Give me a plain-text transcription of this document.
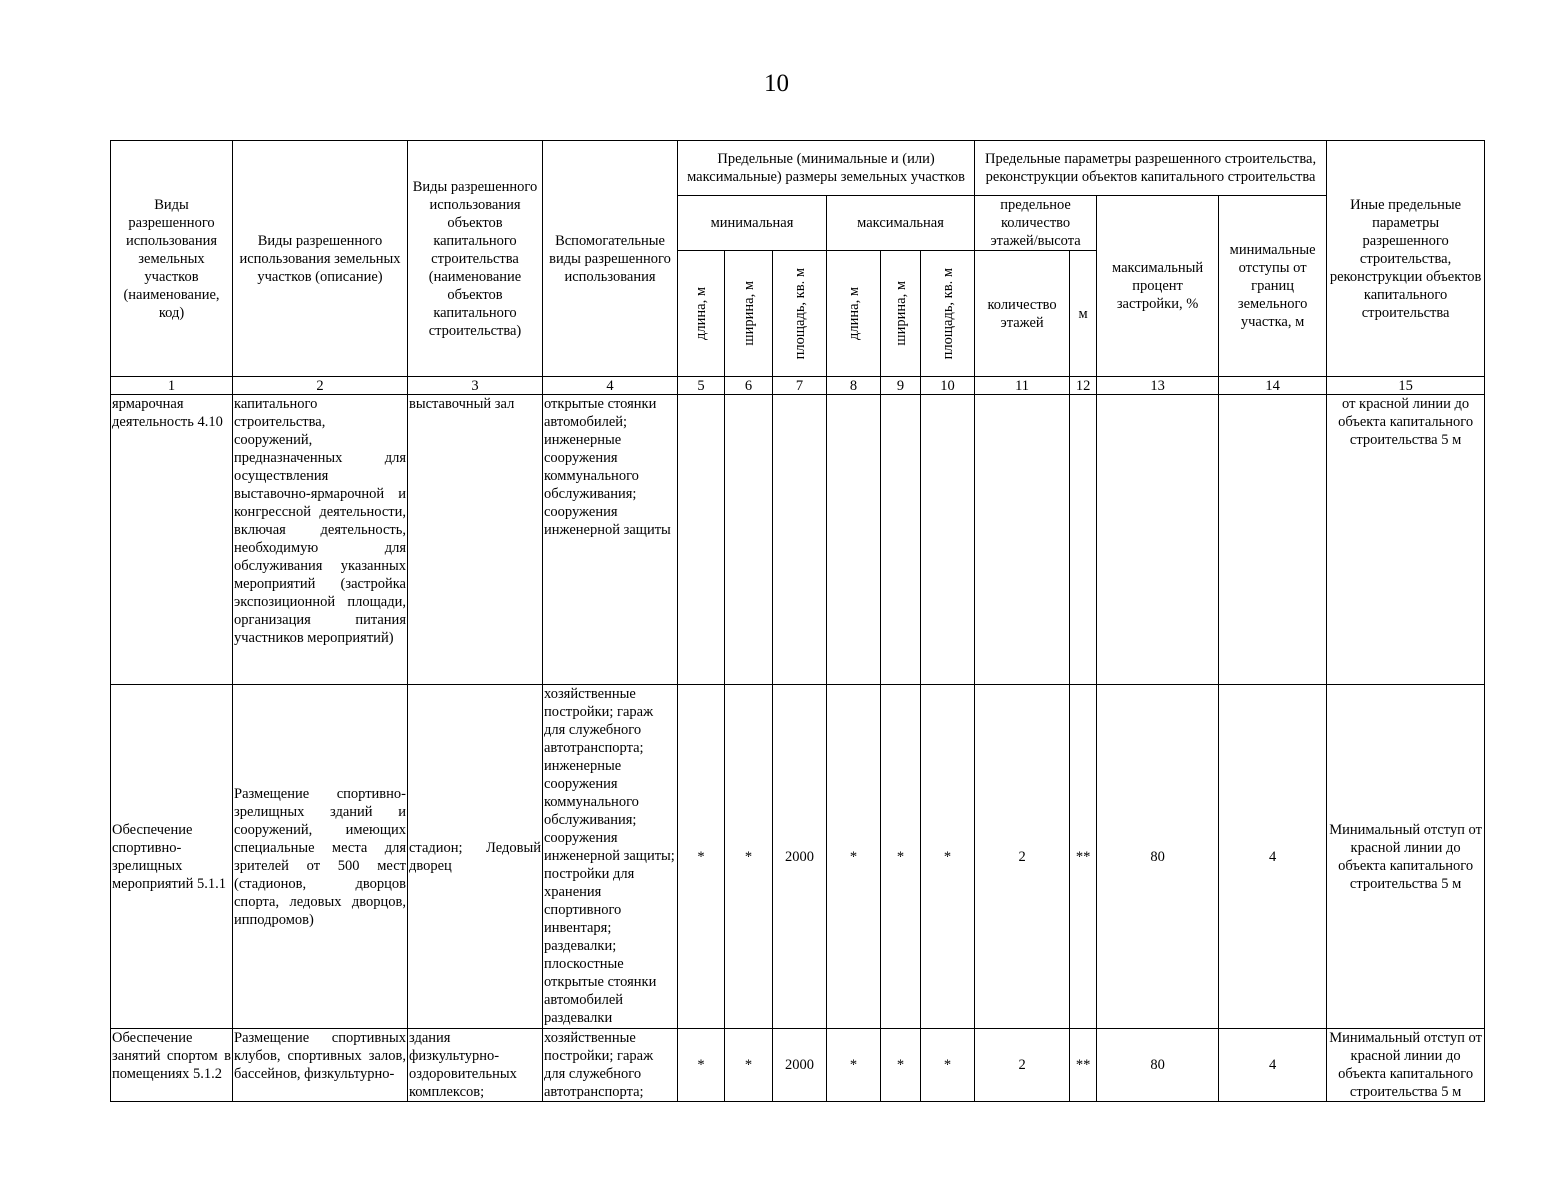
10
Виды разрешенного использования земельных участков (наименование, код)	Виды разрешенного использования земельных участков (описание)	Виды разрешенного использования объектов капитального строительства (наименование объектов капитального строительства)	Вспомогательные виды разрешенного использования	Предельные (минимальные и (или) максимальные) размеры земельных участков						Предельные параметры разрешенного строительства, реконструкции объектов капитального строительства				Иные предельные параметры разрешенного строительства, реконструкции объектов капитального строительства
				минимальная			максимальная			предельное количество этажей/высота		максимальный процент застройки, %	минимальные отступы от границ земельного участка, м	

				длина, м	ширина, м	площадь, кв. м	длина, м	ширина, м	площадь, кв. м	количество этажей	м			
1	2	3	4	5	6	7	8	9	10	11	12	13	14	15
ярмарочная деятельность 4.10	капитального строительства, сооружений, предназначенных для осуществления выставочно-ярмарочной и конгрессной деятельности, включая деятельность, необходимую для обслуживания указанных мероприятий (застройка экспозиционной площади, организация питания участников мероприятий)	выставочный зал	открытые стоянки автомобилей; инженерные сооружения коммунального обслуживания; сооружения инженерной защиты											от красной линии до объекта капитального строительства 5 м
Обеспечение спортивно-зрелищных мероприятий 5.1.1	Размещение спортивно-зрелищных зданий и сооружений, имеющих специальные места для зрителей от 500 мест (стадионов, дворцов спорта, ледовых дворцов, ипподромов)	стадион; Ледовый дворец	хозяйственные постройки; гараж для служебного автотранспорта; инженерные сооружения коммунального обслуживания; сооружения инженерной защиты; постройки для хранения спортивного инвентаря; раздевалки; плоскостные открытые стоянки автомобилей раздевалки	*	*	2000	*	*	*	2	**	80	4	Минимальный отступ от красной линии до объекта капитального строительства 5 м
Обеспечение занятий спортом в помещениях 5.1.2	Размещение спортивных клубов, спортивных залов, бассейнов, физкультурно-	здания физкультурно-оздоровительных комплексов;	хозяйственные постройки; гараж для служебного автотранспорта;	*	*	2000	*	*	*	2	**	80	4	Минимальный отступ от красной линии до объекта капитального строительства 5 м
